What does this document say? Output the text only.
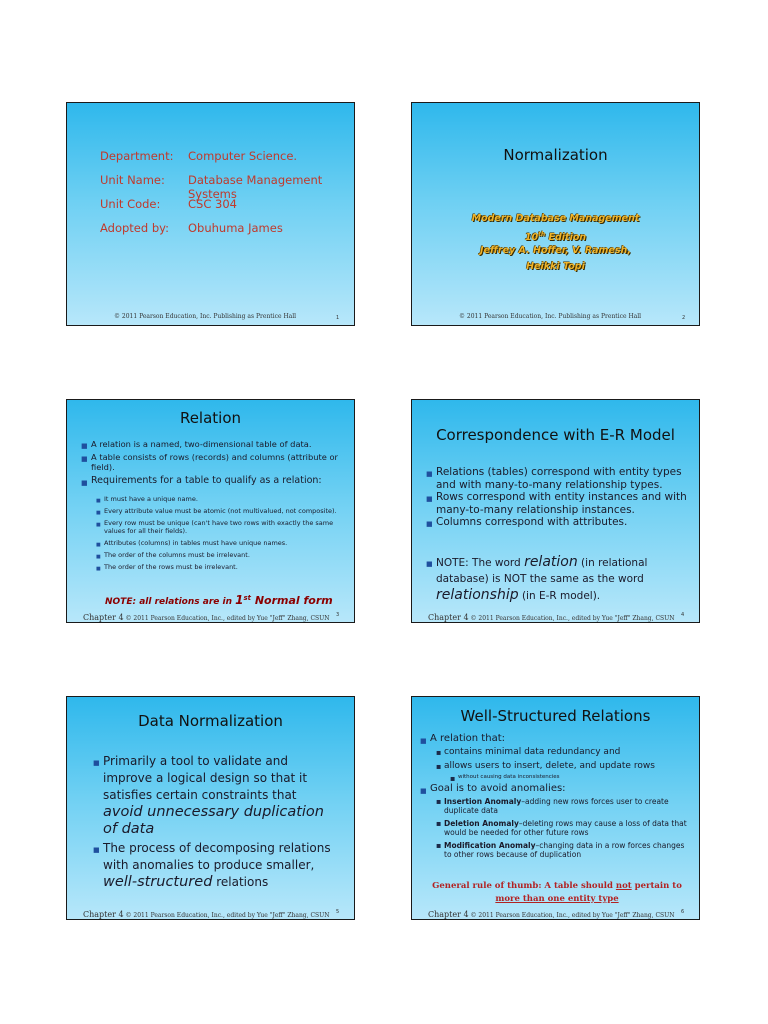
Department: Computer Science.
Unit Name: Database Management Systems
Unit Code: CSC 304
Adopted by: Obuhuma James
© 2011 Pearson Education, Inc. Publishing as Prentice Hall	1
Normalization
Modern Database Management
10th Edition
Jeffrey A. Hoffer, V. Ramesh,
Heikki Topi
© 2011 Pearson Education, Inc. Publishing as Prentice Hall	2
Relation
■ A relation is a named, two-dimensional table of data.
■ A table consists of rows (records) and columns (attribute or field).
■ Requirements for a table to qualify as a relation:
■ It must have a unique name.
■ Every attribute value must be atomic (not multivalued, not composite).
■ Every row must be unique (can't have two rows with exactly the same values for all their fields).
■ Attributes (columns) in tables must have unique names.
■ The order of the columns must be irrelevant.
■ The order of the rows must be irrelevant.
NOTE: all relations are in 1st Normal form
Chapter 4 © 2011 Pearson Education, Inc., edited by Yue "Jeff" Zhang, CSUN 3
Correspondence with E-R Model
■ Relations (tables) correspond with entity types and with many-to-many relationship types.
■ Rows correspond with entity instances and with many-to-many relationship instances.
■ Columns correspond with attributes.
■ NOTE: The word relation (in relational database) is NOT the same as the word relationship (in E-R model).
Chapter 4 © 2011 Pearson Education, Inc., edited by Yue "Jeff" Zhang, CSUN 4
Data Normalization
■ Primarily a tool to validate and improve a logical design so that it satisfies certain constraints that avoid unnecessary duplication of data
■ The process of decomposing relations with anomalies to produce smaller, well-structured relations
Chapter 4 © 2011 Pearson Education, Inc., edited by Yue "Jeff" Zhang, CSUN 5
Well-Structured Relations
■ A relation that:
▪ contains minimal data redundancy and
▪ allows users to insert, delete, and update rows
▪ without causing data inconsistencies
■ Goal is to avoid anomalies:
▪ Insertion Anomaly–adding new rows forces user to create duplicate data
▪ Deletion Anomaly–deleting rows may cause a loss of data that would be needed for other future rows
▪ Modification Anomaly–changing data in a row forces changes to other rows because of duplication
General rule of thumb: A table should not pertain to
more than one entity type
Chapter 4 © 2011 Pearson Education, Inc., edited by Yue "Jeff" Zhang, CSUN 6
